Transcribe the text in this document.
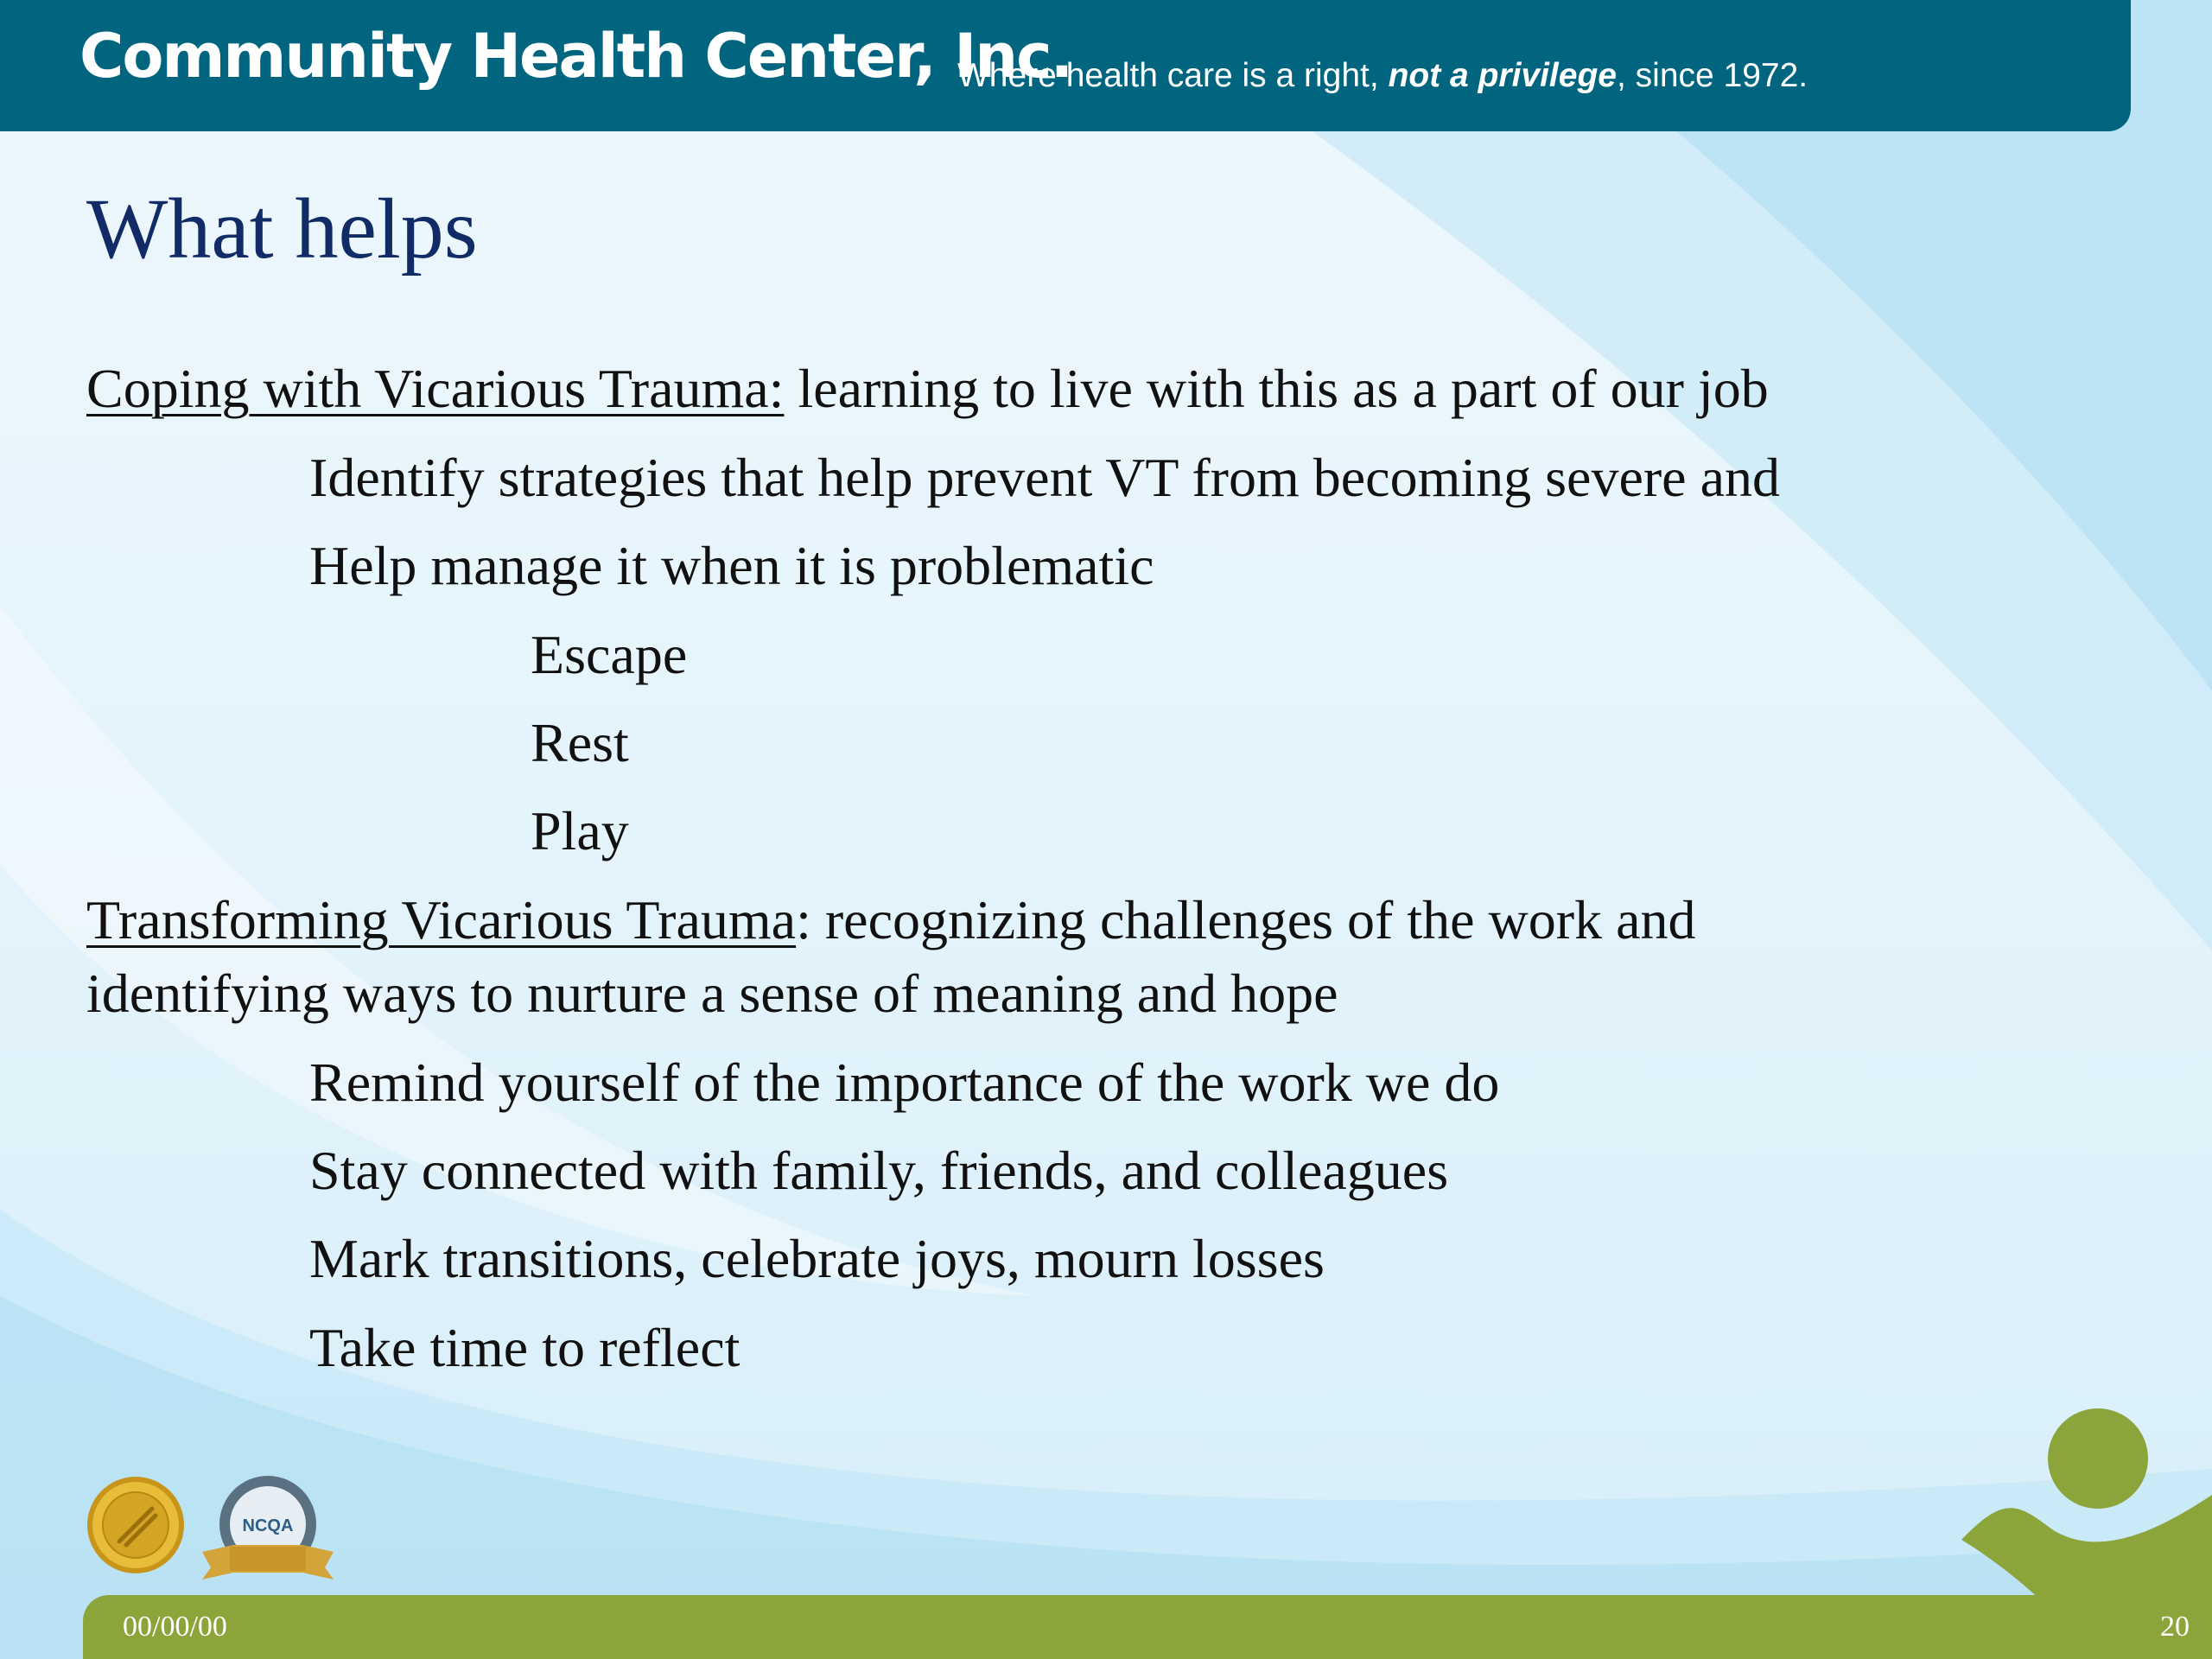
Community Health Center, Inc.
Where health care is a right, not a privilege, since 1972.
What helps
Coping with Vicarious Trauma: learning to live with this as a part of our job
Identify strategies that help prevent VT from becoming severe and
Help manage it when it is problematic
Escape
Rest
Play
Transforming Vicarious Trauma: recognizing challenges of the work and
identifying ways to nurture a sense of meaning and hope
Remind yourself of the importance of the work we do
Stay connected with family, friends, and colleagues
Mark transitions, celebrate joys, mourn losses
Take time to reflect
NCQA
00/00/00	20
